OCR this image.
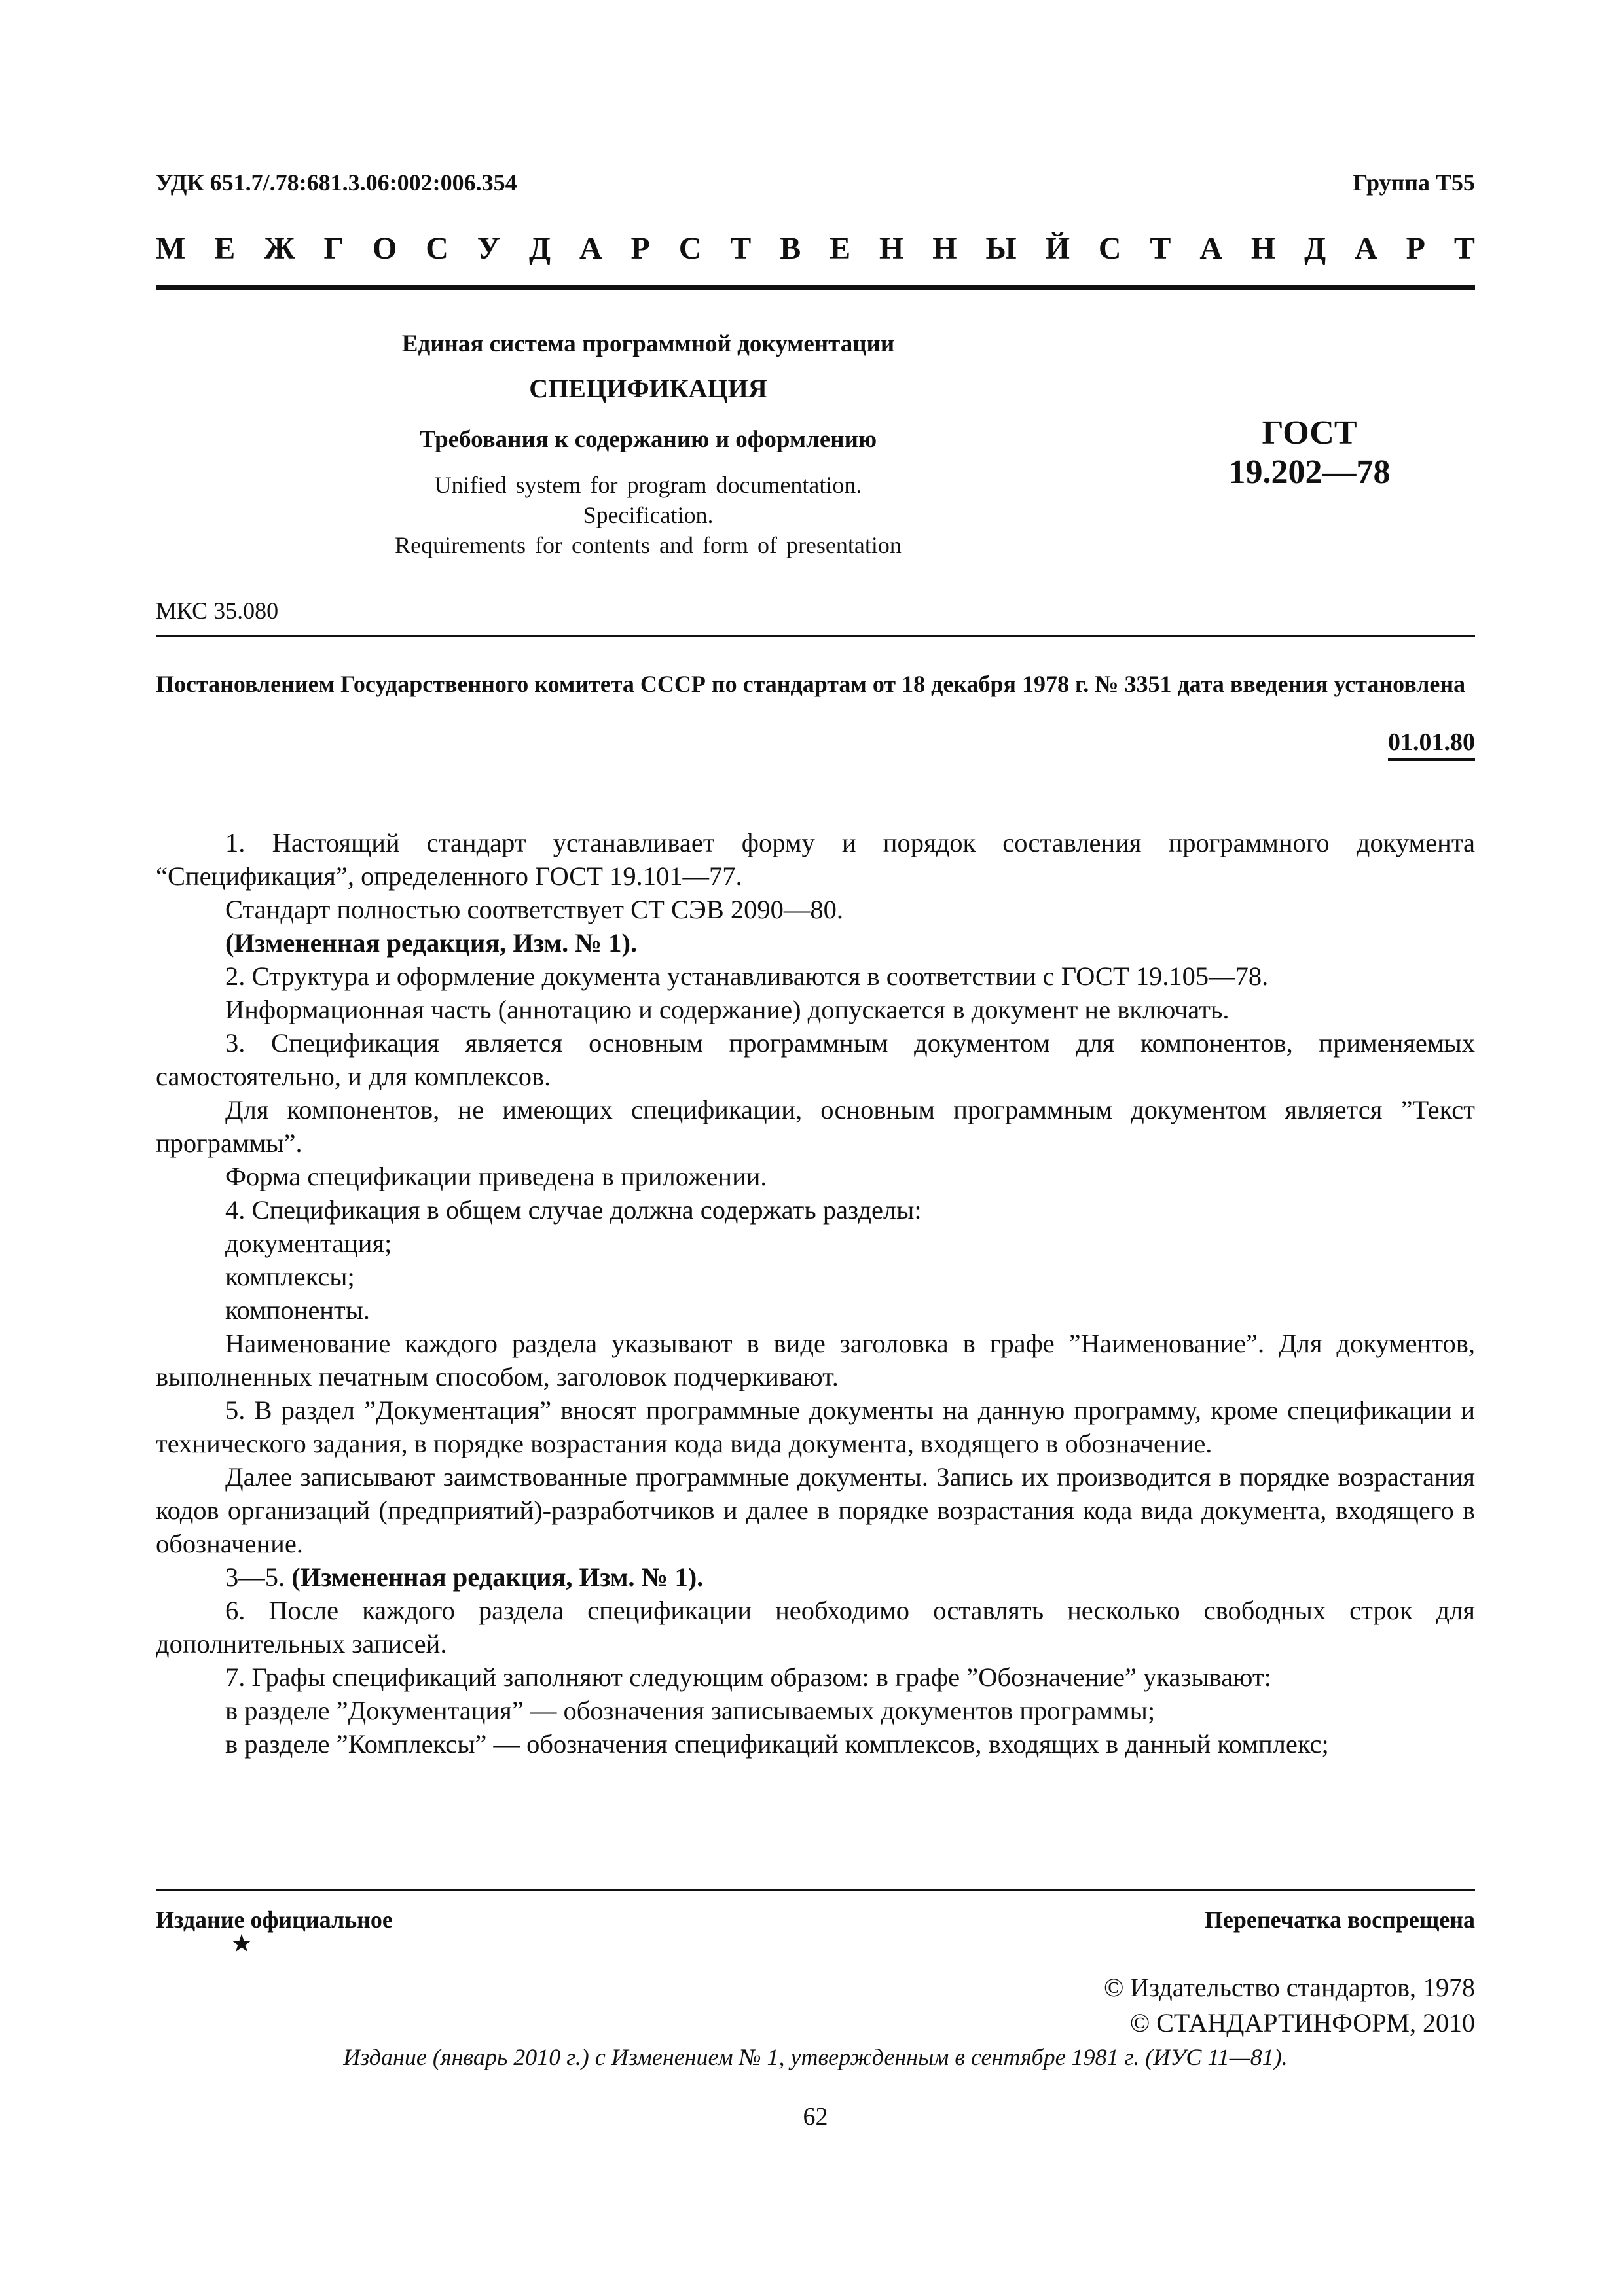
УДК 651.7/.78:681.3.06:002:006.354	Группа Т55
М Е Ж Г О С У Д А Р С Т В Е Н Н Ы Й С Т А Н Д А Р Т
Единая система программной документации
СПЕЦИФИКАЦИЯ
Требования к содержанию и оформлению
Unified system for program documentation.
Specification.
Requirements for contents and form of presentation
ГОСТ
19.202—78
МКС 35.080
Постановлением Государственного комитета СССР по стандартам от 18 декабря 1978 г. № 3351 дата введения установлена
01.01.80

1. Настоящий стандарт устанавливает форму и порядок составления программного документа “Спецификация”, определенного ГОСТ 19.101—77.

Стандарт полностью соответствует СТ СЭВ 2090—80.

(Измененная редакция, Изм. № 1).

2. Структура и оформление документа устанавливаются в соответствии с ГОСТ 19.105—78.

Информационная часть (аннотацию и содержание) допускается в документ не включать.

3. Спецификация является основным программным документом для компонентов, применяемых самостоятельно, и для комплексов.

Для компонентов, не имеющих спецификации, основным программным документом является ”Текст программы”.

Форма спецификации приведена в приложении.

4. Спецификация в общем случае должна содержать разделы:

документация;

комплексы;

компоненты.

Наименование каждого раздела указывают в виде заголовка в графе ”Наименование”. Для документов, выполненных печатным способом, заголовок подчеркивают.

5. В раздел ”Документация” вносят программные документы на данную программу, кроме спецификации и технического задания, в порядке возрастания кода вида документа, входящего в обозначение.

Далее записывают заимствованные программные документы. Запись их производится в порядке возрастания кодов организаций (предприятий)-разработчиков и далее в порядке возрастания кода вида документа, входящего в обозначение.

3—5. (Измененная редакция, Изм. № 1).

6. После каждого раздела спецификации необходимо оставлять несколько свободных строк для дополнительных записей.

7. Графы спецификаций заполняют следующим образом: в графе ”Обозначение” указывают:

в разделе ”Документация” — обозначения записываемых документов программы;

в разделе ”Комплексы” — обозначения спецификаций комплексов, входящих в данный комплекс;

Издание официальное
★
Перепечатка воспрещена
© Издательство стандартов, 1978
© СТАНДАРТИНФОРМ, 2010
Издание (январь 2010 г.) с Изменением № 1, утвержденным в сентябре 1981 г. (ИУС 11—81).
62
